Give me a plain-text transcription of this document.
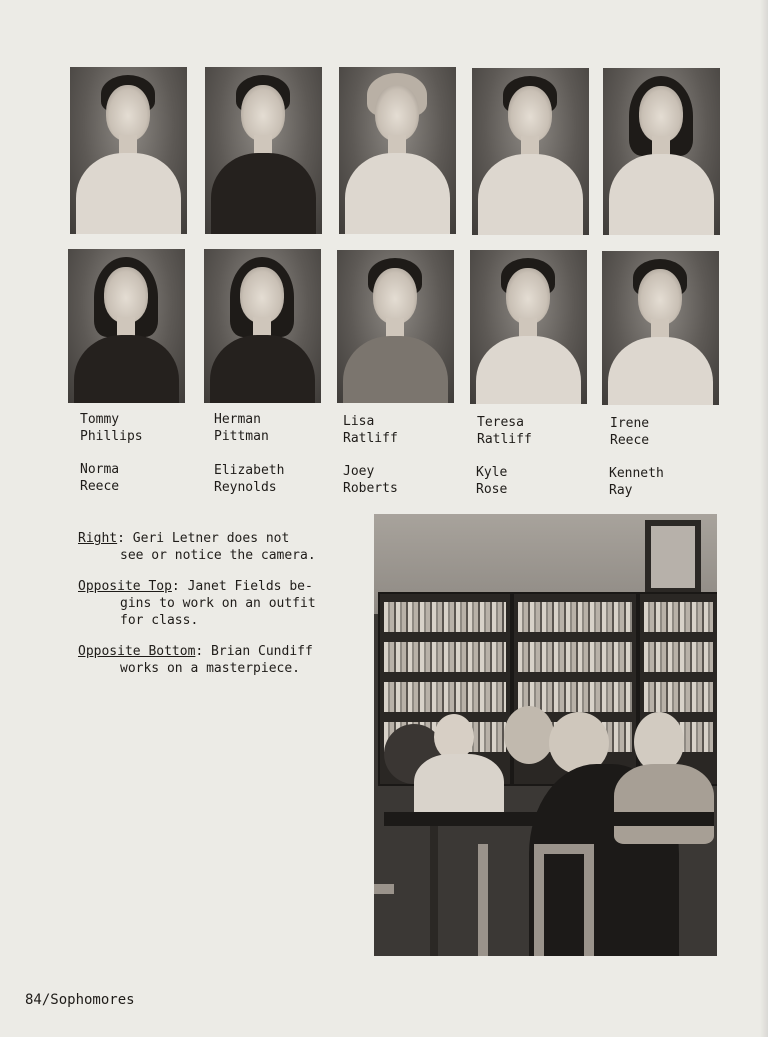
Tommy
Phillips
Herman
Pittman
Lisa
Ratliff
Teresa
Ratliff
Irene
Reece
Norma
Reece
Elizabeth
Reynolds
Joey
Roberts
Kyle
Rose
Kenneth
Ray
Right: Geri Letner does not
see or notice the camera.
Opposite Top: Janet Fields be-
gins to work on an outfit
for class.
Opposite Bottom: Brian Cundiff
works on a masterpiece.
84/Sophomores
